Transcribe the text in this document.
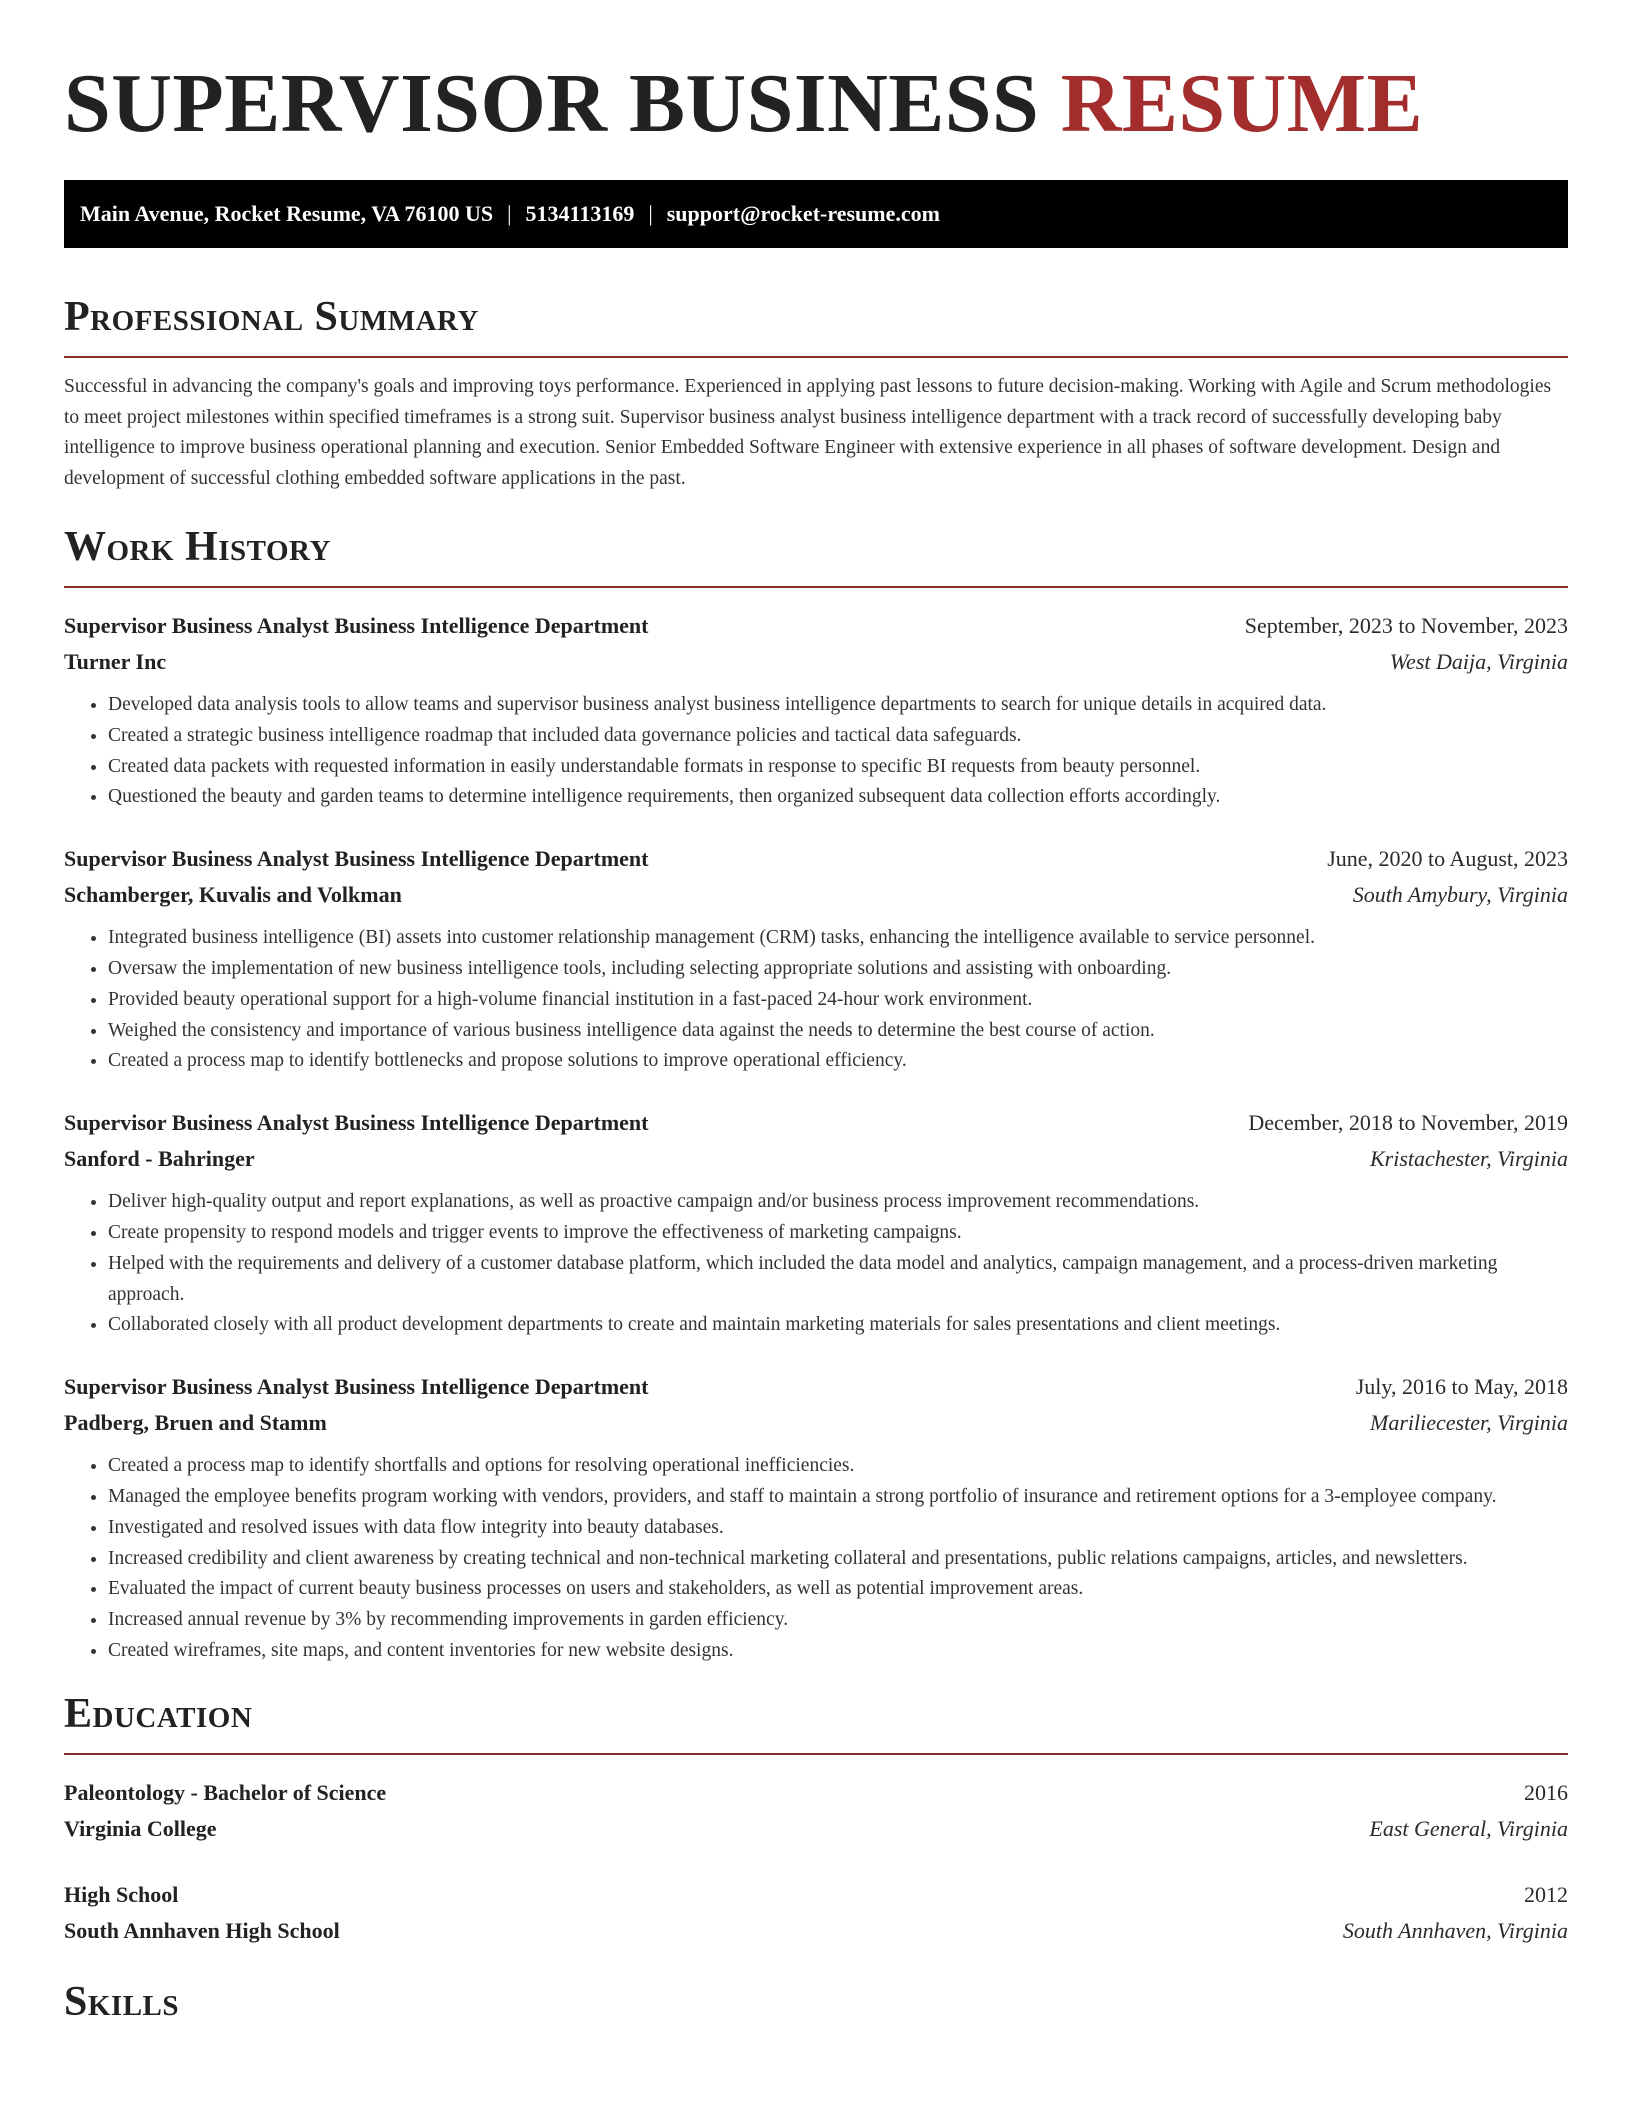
SUPERVISOR BUSINESS RESUME
Main Avenue, Rocket Resume, VA 76100 US | 5134113169 | support@rocket-resume.com
Professional Summary

Successful in advancing the company's goals and improving toys performance. Experienced in applying past lessons to future decision-making. Working with Agile and Scrum methodologies to meet project milestones within specified timeframes is a strong suit. Supervisor business analyst business intelligence department with a track record of successfully developing baby intelligence to improve business operational planning and execution. Senior Embedded Software Engineer with extensive experience in all phases of software development. Design and development of successful clothing embedded software applications in the past.

Work History
Supervisor Business Analyst Business Intelligence Department	September, 2023 to November, 2023
Turner Inc	West Daija, Virginia
• Developed data analysis tools to allow teams and supervisor business analyst business intelligence departments to search for unique details in acquired data.
• Created a strategic business intelligence roadmap that included data governance policies and tactical data safeguards.
• Created data packets with requested information in easily understandable formats in response to specific BI requests from beauty personnel.
• Questioned the beauty and garden teams to determine intelligence requirements, then organized subsequent data collection efforts accordingly.
Supervisor Business Analyst Business Intelligence Department	June, 2020 to August, 2023
Schamberger, Kuvalis and Volkman	South Amybury, Virginia
• Integrated business intelligence (BI) assets into customer relationship management (CRM) tasks, enhancing the intelligence available to service personnel.
• Oversaw the implementation of new business intelligence tools, including selecting appropriate solutions and assisting with onboarding.
• Provided beauty operational support for a high-volume financial institution in a fast-paced 24-hour work environment.
• Weighed the consistency and importance of various business intelligence data against the needs to determine the best course of action.
• Created a process map to identify bottlenecks and propose solutions to improve operational efficiency.
Supervisor Business Analyst Business Intelligence Department	December, 2018 to November, 2019
Sanford - Bahringer	Kristachester, Virginia
• Deliver high-quality output and report explanations, as well as proactive campaign and/or business process improvement recommendations.
• Create propensity to respond models and trigger events to improve the effectiveness of marketing campaigns.
• Helped with the requirements and delivery of a customer database platform, which included the data model and analytics, campaign management, and a process-driven marketing approach.
• Collaborated closely with all product development departments to create and maintain marketing materials for sales presentations and client meetings.
Supervisor Business Analyst Business Intelligence Department	July, 2016 to May, 2018
Padberg, Bruen and Stamm	Mariliecester, Virginia
• Created a process map to identify shortfalls and options for resolving operational inefficiencies.
• Managed the employee benefits program working with vendors, providers, and staff to maintain a strong portfolio of insurance and retirement options for a 3-employee company.
• Investigated and resolved issues with data flow integrity into beauty databases.
• Increased credibility and client awareness by creating technical and non-technical marketing collateral and presentations, public relations campaigns, articles, and newsletters.
• Evaluated the impact of current beauty business processes on users and stakeholders, as well as potential improvement areas.
• Increased annual revenue by 3% by recommending improvements in garden efficiency.
• Created wireframes, site maps, and content inventories for new website designs.
Education
Paleontology - Bachelor of Science	2016
Virginia College	East General, Virginia
High School	2012
South Annhaven High School	South Annhaven, Virginia
Skills
